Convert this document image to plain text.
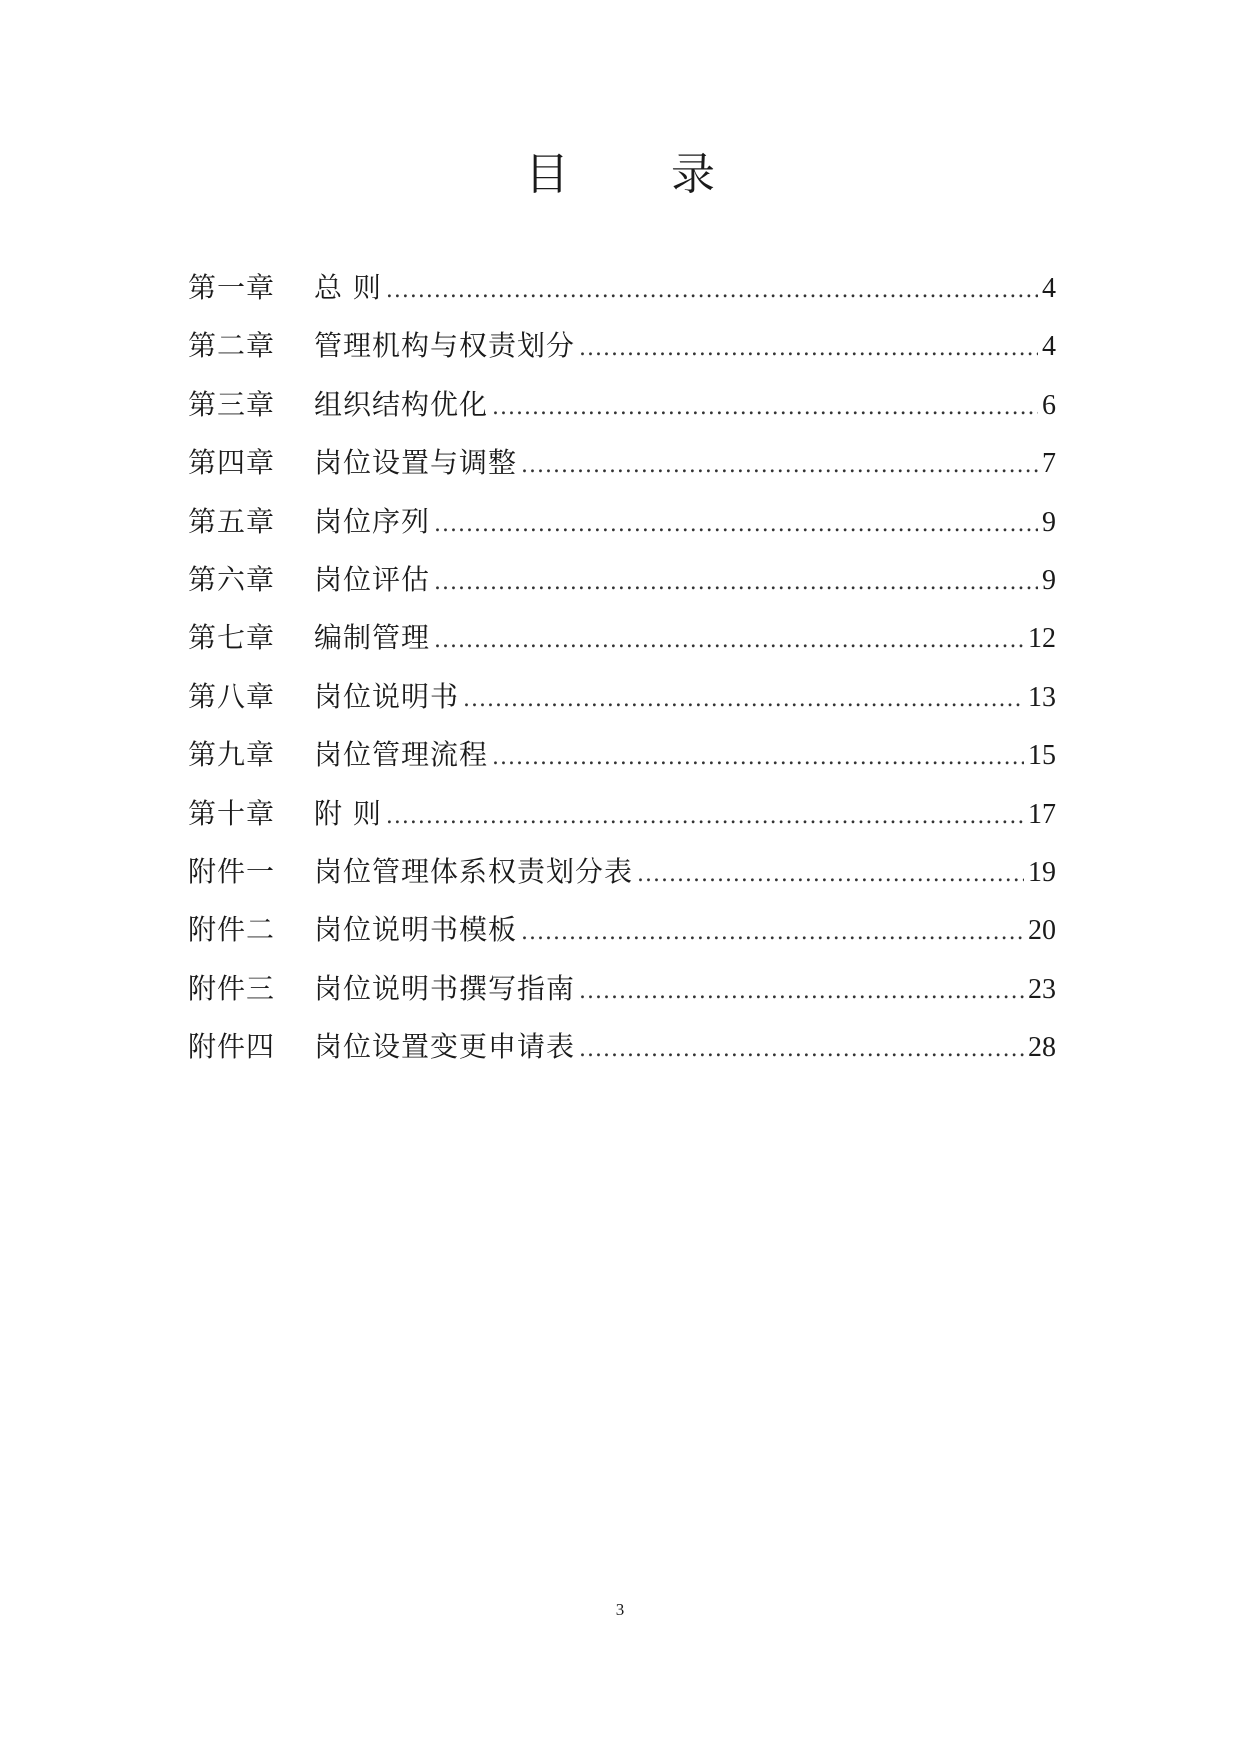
目 录
第一章	总 则 .....	4
第二章	管理机构与权责划分 .....	4
第三章	组织结构优化 .....	6
第四章	岗位设置与调整 .....	7
第五章	岗位序列 .....	9
第六章	岗位评估 .....	9
第七章	编制管理 .....	12
第八章	岗位说明书 .....	13
第九章	岗位管理流程 .....	15
第十章	附 则 .....	17
附件一	岗位管理体系权责划分表 .....	19
附件二	岗位说明书模板 .....	20
附件三	岗位说明书撰写指南 .....	23
附件四	岗位设置变更申请表 .....	28
3
